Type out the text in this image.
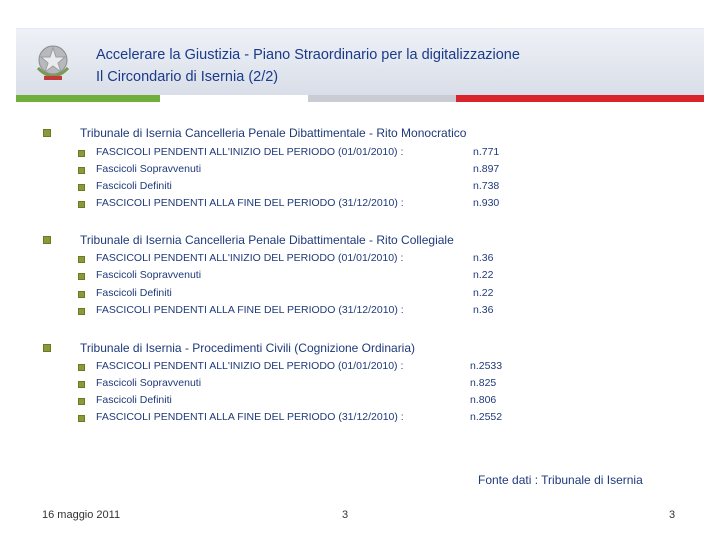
Accelerare la Giustizia - Piano Straordinario per la digitalizzazione
Il Circondario di Isernia (2/2)
Tribunale di Isernia Cancelleria Penale Dibattimentale - Rito Monocratico
FASCICOLI PENDENTI ALL'INIZIO DEL PERIODO (01/01/2010) :	n.771
Fascicoli Sopravvenuti	n.897
Fascicoli Definiti	n.738
FASCICOLI PENDENTI ALLA FINE DEL PERIODO (31/12/2010) :	n.930
Tribunale di Isernia Cancelleria Penale Dibattimentale - Rito Collegiale
FASCICOLI PENDENTI ALL'INIZIO DEL PERIODO (01/01/2010) :	n.36
Fascicoli Sopravvenuti	n.22
Fascicoli Definiti	n.22
FASCICOLI PENDENTI ALLA FINE DEL PERIODO (31/12/2010) :	n.36
Tribunale di Isernia - Procedimenti Civili (Cognizione Ordinaria)
FASCICOLI PENDENTI ALL'INIZIO DEL PERIODO (01/01/2010) :	n.2533
Fascicoli Sopravvenuti	n.825
Fascicoli Definiti	n.806
FASCICOLI PENDENTI ALLA FINE DEL PERIODO (31/12/2010) :	n.2552
Fonte dati : Tribunale di Isernia
16 maggio 2011	3	3
